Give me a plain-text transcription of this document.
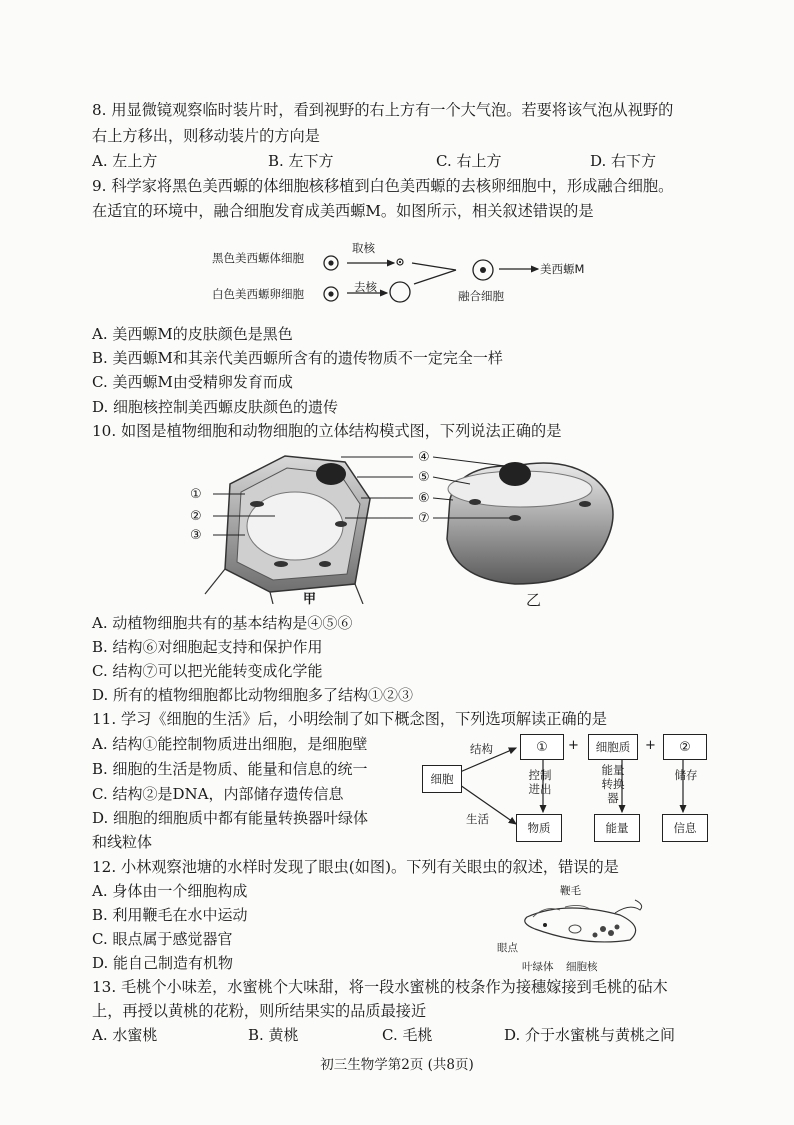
8. 用显微镜观察临时装片时，看到视野的右上方有一个大气泡。若要将该气泡从视野的
右上方移出，则移动装片的方向是
A. 左上方	B. 左下方	C. 右上方	D. 右下方
9. 科学家将黑色美西螈的体细胞核移植到白色美西螈的去核卵细胞中，形成融合细胞。
在适宜的环境中，融合细胞发育成美西螈M。如图所示，相关叙述错误的是
黑色美西螈体细胞
白色美西螈卵细胞
取核
去核
融合细胞
美西螈M
A. 美西螈M的皮肤颜色是黑色
B. 美西螈M和其亲代美西螈所含有的遗传物质不一定完全一样
C. 美西螈M由受精卵发育而成
D. 细胞核控制美西螈皮肤颜色的遗传
10. 如图是植物细胞和动物细胞的立体结构模式图，下列说法正确的是
①
②
③
④
⑤
⑥
⑦
甲	乙
A. 动植物细胞共有的基本结构是④⑤⑥
B. 结构⑥对细胞起支持和保护作用
C. 结构⑦可以把光能转变成化学能
D. 所有的植物细胞都比动物细胞多了结构①②③
11. 学习《细胞的生活》后，小明绘制了如下概念图，下列选项解读正确的是
A. 结构①能控制物质进出细胞，是细胞壁
B. 细胞的生活是物质、能量和信息的统一
C. 结构②是DNA，内部储存遗传信息
D. 细胞的细胞质中都有能量转换器叶绿体
和线粒体
细胞
结构
生活
①	+	细胞质	+	②
控制进出
能量转换器
储存
物质	能量	信息
12. 小林观察池塘的水样时发现了眼虫(如图)。下列有关眼虫的叙述，错误的是
A. 身体由一个细胞构成
B. 利用鞭毛在水中运动
C. 眼点属于感觉器官
D. 能自己制造有机物
鞭毛
眼点
叶绿体 细胞核
13. 毛桃个小味差，水蜜桃个大味甜，将一段水蜜桃的枝条作为接穗嫁接到毛桃的砧木
上，再授以黄桃的花粉，则所结果实的品质最接近
A. 水蜜桃	B. 黄桃	C. 毛桃	D. 介于水蜜桃与黄桃之间
初三生物学第2页 (共8页)
